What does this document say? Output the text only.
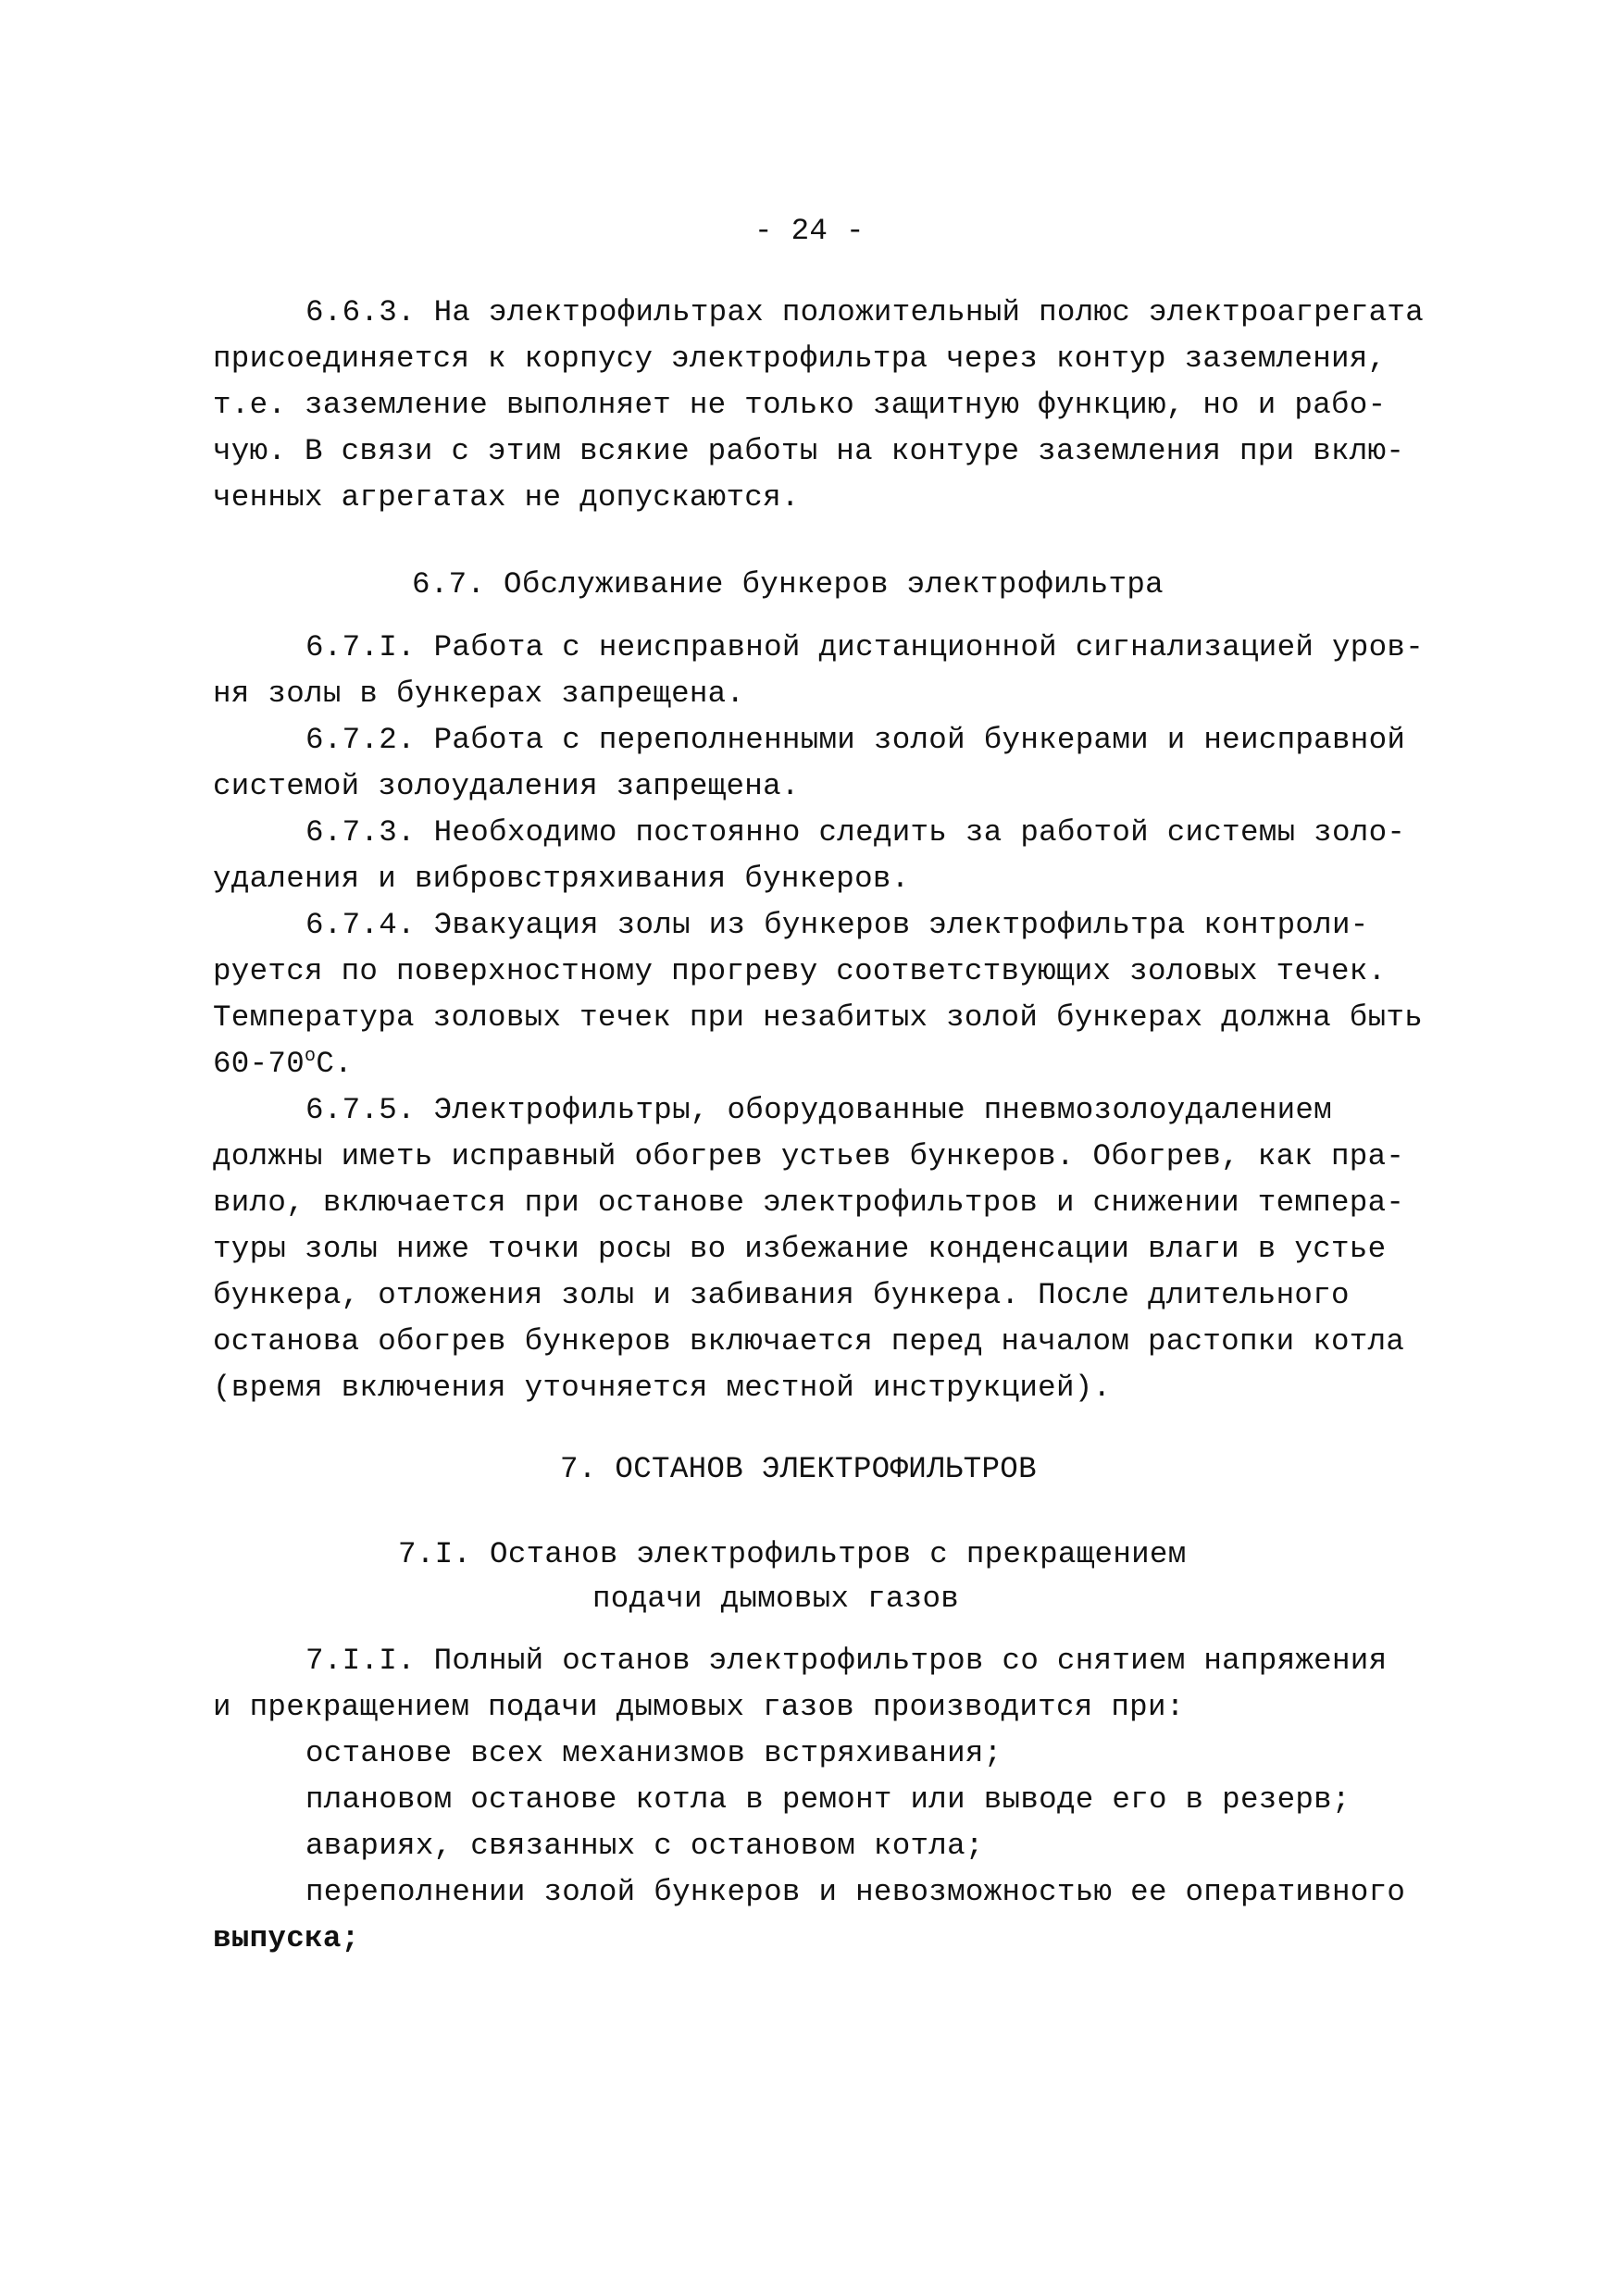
- 24 -
6.6.3. На электрофильтрах положительный полюс электроагрегата
присоединяется к корпусу электрофильтра через контур заземления,
т.е. заземление выполняет не только защитную функцию, но и рабо-
чую. В связи с этим всякие работы на контуре заземления при вклю-
ченных агрегатах не допускаются.
6.7. Обслуживание бункеров электрофильтра
6.7.I. Работа с неисправной дистанционной сигнализацией уров-
ня золы в бункерах запрещена.
6.7.2. Работа с переполненными золой бункерами и неисправной
системой золоудаления запрещена.
6.7.3. Необходимо постоянно следить за работой системы золо-
удаления и вибровстряхивания бункеров.
6.7.4. Эвакуация золы из бункеров электрофильтра контроли-
руется по поверхностному прогреву соответствующих золовых течек.
Температура золовых течек при незабитых золой бункерах должна быть
$60-70^оС$.
6.7.5. Электрофильтры, оборудованные пневмозолоудалением
должны иметь исправный обогрев устьев бункеров. Обогрев, как пра-
вило, включается при останове электрофильтров и снижении темпера-
туры золы ниже точки росы во избежание конденсации влаги в устье
бункера, отложения золы и забивания бункера. После длительного
останова обогрев бункеров включается перед началом растопки котла
(время включения уточняется местной инструкцией).
7. ОСТАНОВ ЭЛЕКТРОФИЛЬТРОВ
7.I. Останов электрофильтров с прекращением
подачи дымовых газов
7.I.I. Полный останов электрофильтров со снятием напряжения
и прекращением подачи дымовых газов производится при:
останове всех механизмов встряхивания;
плановом останове котла в ремонт или выводе его в резерв;
авариях, связанных с остановом котла;
переполнении золой бункеров и невозможностью ее оперативного
выпуска;
